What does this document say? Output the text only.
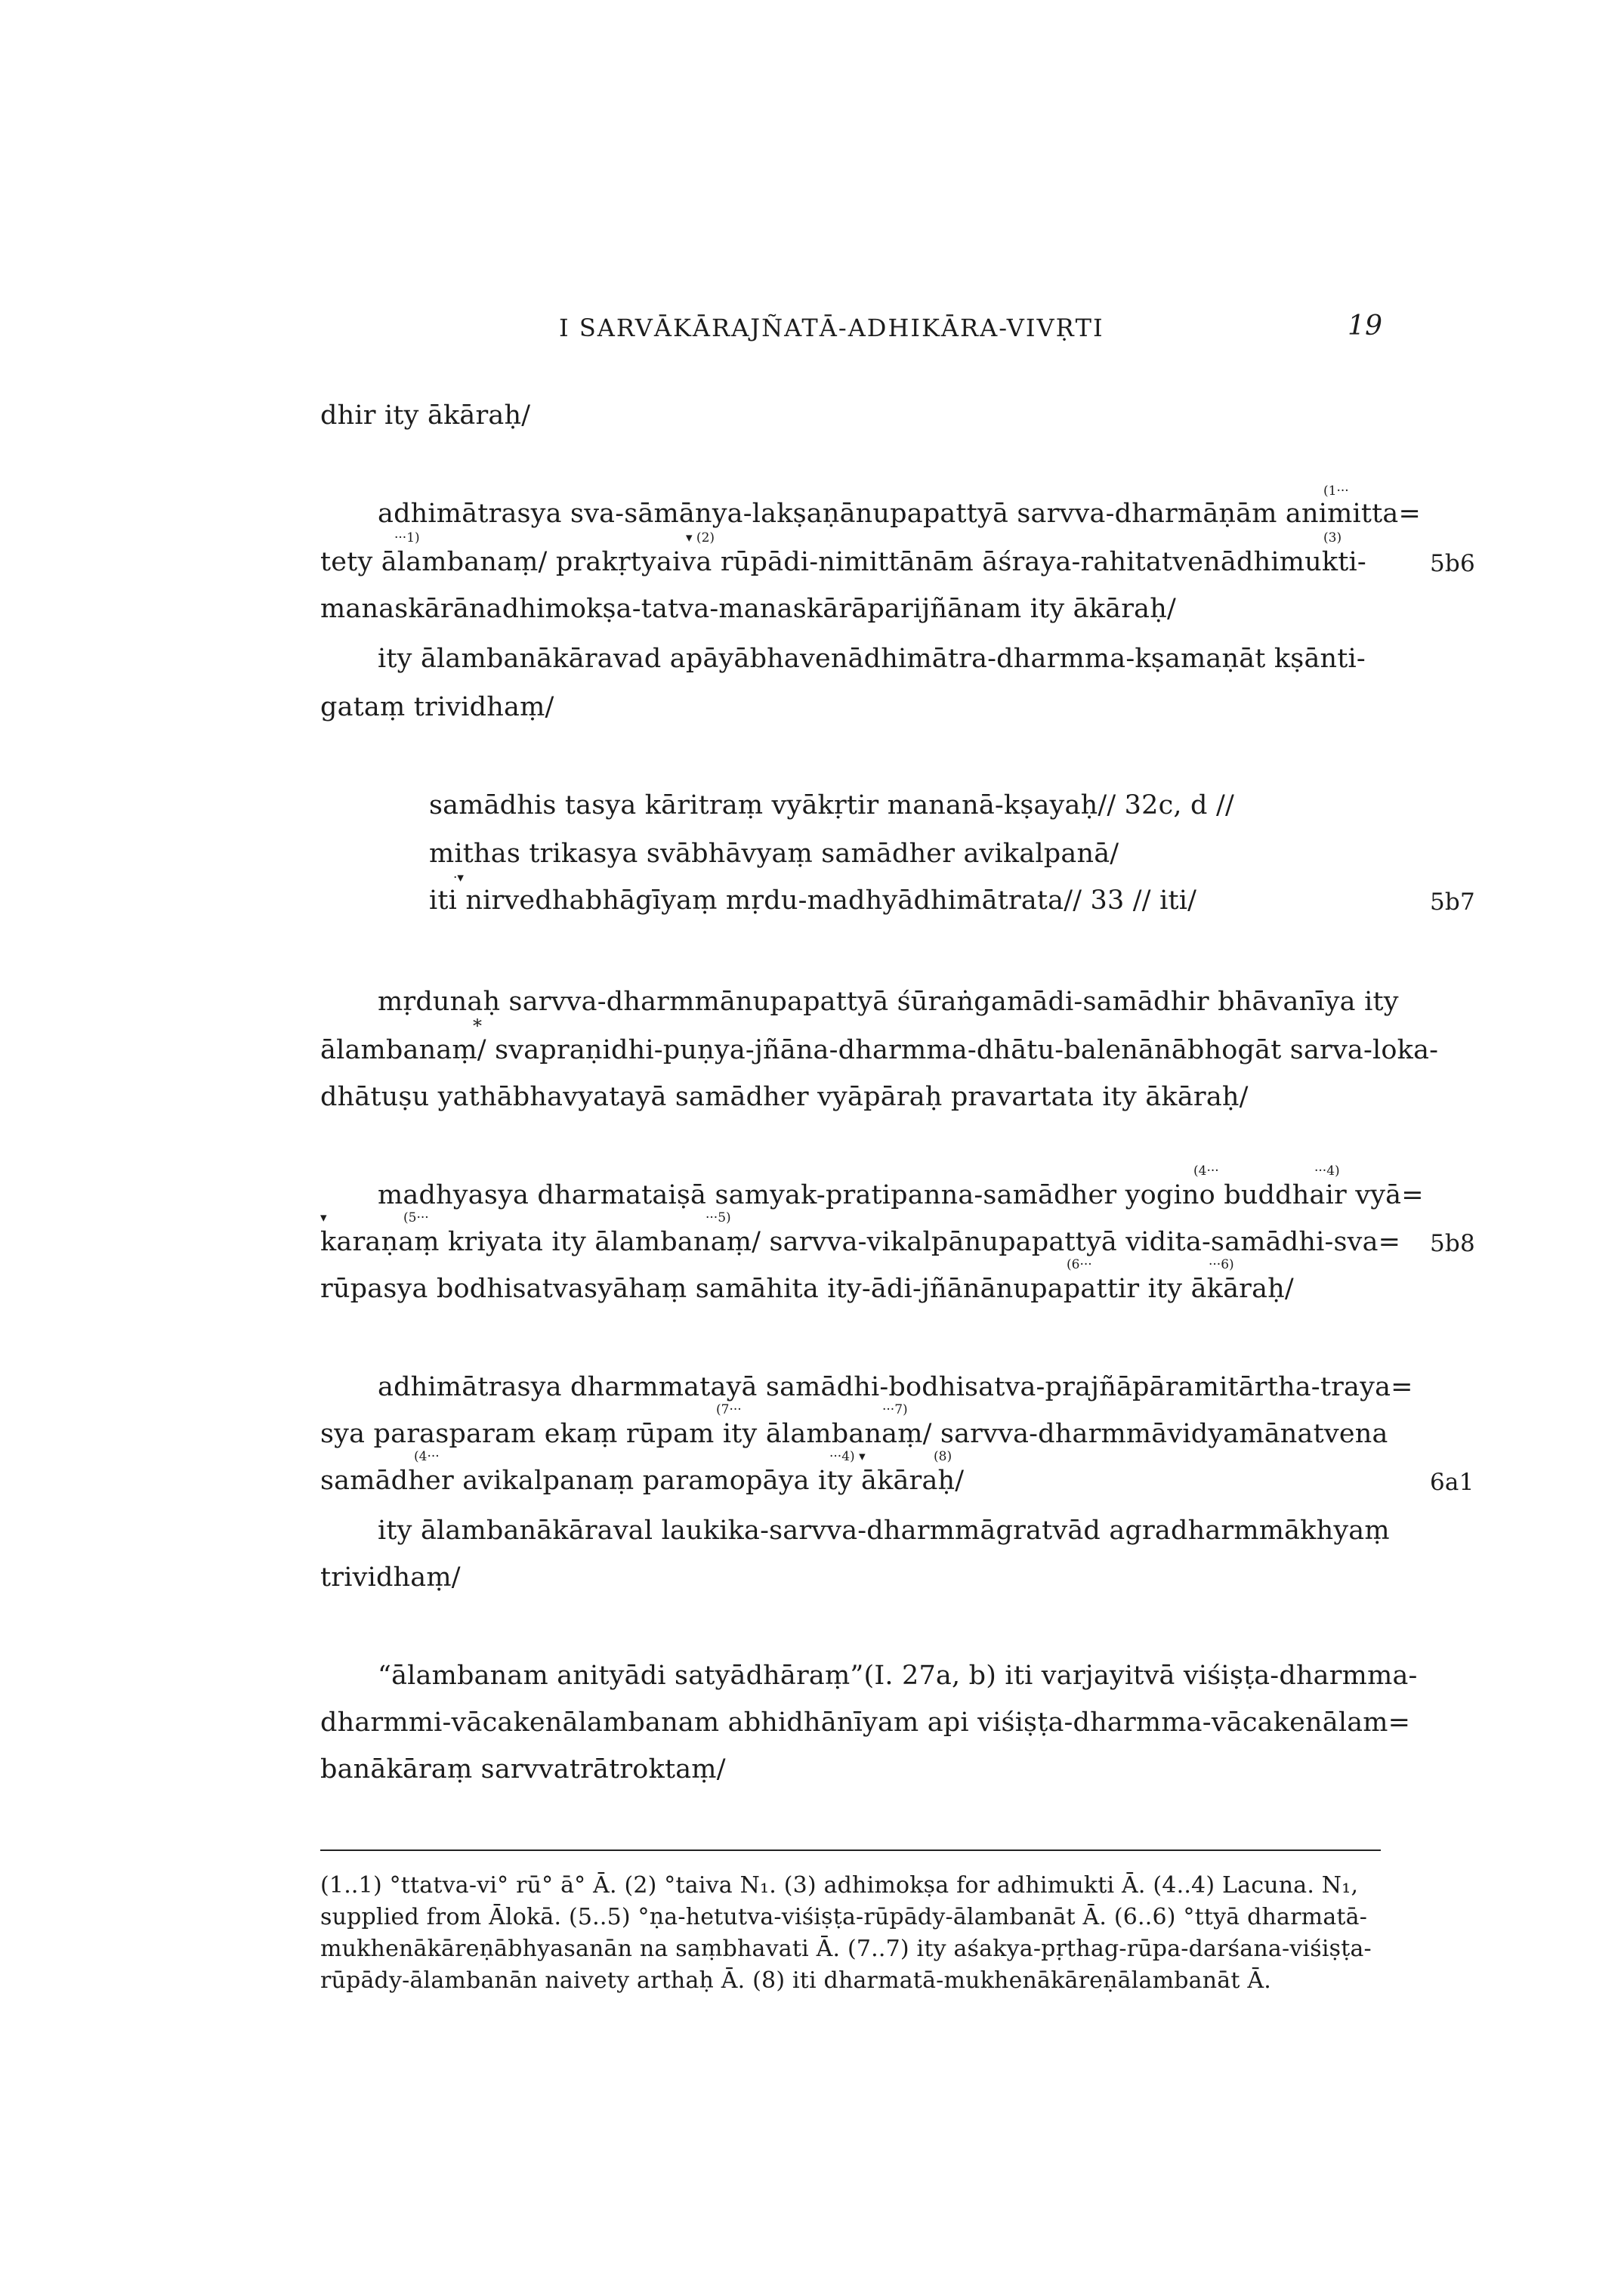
I SARVĀKĀRAJÑATĀ-ADHIKĀRA-VIVṚTI	19
dhir ity ākāraḥ/
(1···
adhimātrasya sva-sāmānya-lakṣaṇānupapattyā sarvva-dharmāṇām animitta=
···1)	▾ (2)	(3)
tety ālambanaṃ/ prakṛtyaiva rūpādi-nimittānām āśraya-rahitatvenādhimukti-	5b6
manaskārānadhimokṣa-tatva-manaskārāparijñānam ity ākāraḥ/
ity ālambanākāravad apāyābhavenādhimātra-dharmma-kṣamaṇāt kṣānti-
gataṃ trividhaṃ/
samādhis tasya kāritraṃ vyākṛtir mananā-kṣayaḥ// 32c, d //
mithas trikasya svābhāvyaṃ samādher avikalpanā/
·▾
iti nirvedhabhāgīyaṃ mṛdu-madhyādhimātrata// 33 // iti/	5b7
mṛdunaḥ sarvva-dharmmānupapattyā śūraṅgamādi-samādhir bhāvanīya ity
*
ālambanaṃ/ svapraṇidhi-puṇya-jñāna-dharmma-dhātu-balenānābhogāt sarva-loka-
dhātuṣu yathābhavyatayā samādher vyāpāraḥ pravartata ity ākāraḥ/
(4···	···4)
madhyasya dharmataiṣā samyak-pratipanna-samādher yogino buddhair vyā=
▾	(5···	···5)
karaṇaṃ kriyata ity ālambanaṃ/ sarvva-vikalpānupapattyā vidita-samādhi-sva= 5b8
(6···	···6)
rūpasya bodhisatvasyāhaṃ samāhita ity-ādi-jñānānupapattir ity ākāraḥ/
adhimātrasya dharmmatayā samādhi-bodhisatva-prajñāpāramitārtha-traya=
(7···	···7)
sya parasparam ekaṃ rūpam ity ālambanaṃ/ sarvva-dharmmāvidyamānatvena
(4···	···4) ▾	(8)
samādher avikalpanaṃ paramopāya ity ākāraḥ/	6a1
ity ālambanākāraval laukika-sarvva-dharmmāgratvād agradharmmākhyaṃ
trividhaṃ/
“ālambanam anityādi satyādhāraṃ”(I. 27a, b) iti varjayitvā viśiṣṭa-dharmma-
dharmmi-vācakenālambanam abhidhānīyam api viśiṣṭa-dharmma-vācakenālam=
banākāraṃ sarvvatrātroktaṃ/
(1..1) °ttatva-vi° rū° ā° Ā. (2) °taiva N₁. (3) adhimokṣa for adhimukti Ā. (4..4) Lacuna. N₁,
supplied from Ālokā. (5..5) °ṇa-hetutva-viśiṣṭa-rūpādy-ālambanāt Ā. (6..6) °ttyā dharmatā-
mukhenākāreṇābhyasanān na saṃbhavati Ā. (7..7) ity aśakya-pṛthag-rūpa-darśana-viśiṣṭa-
rūpādy-ālambanān naivety arthaḥ Ā. (8) iti dharmatā-mukhenākāreṇālambanāt Ā.
